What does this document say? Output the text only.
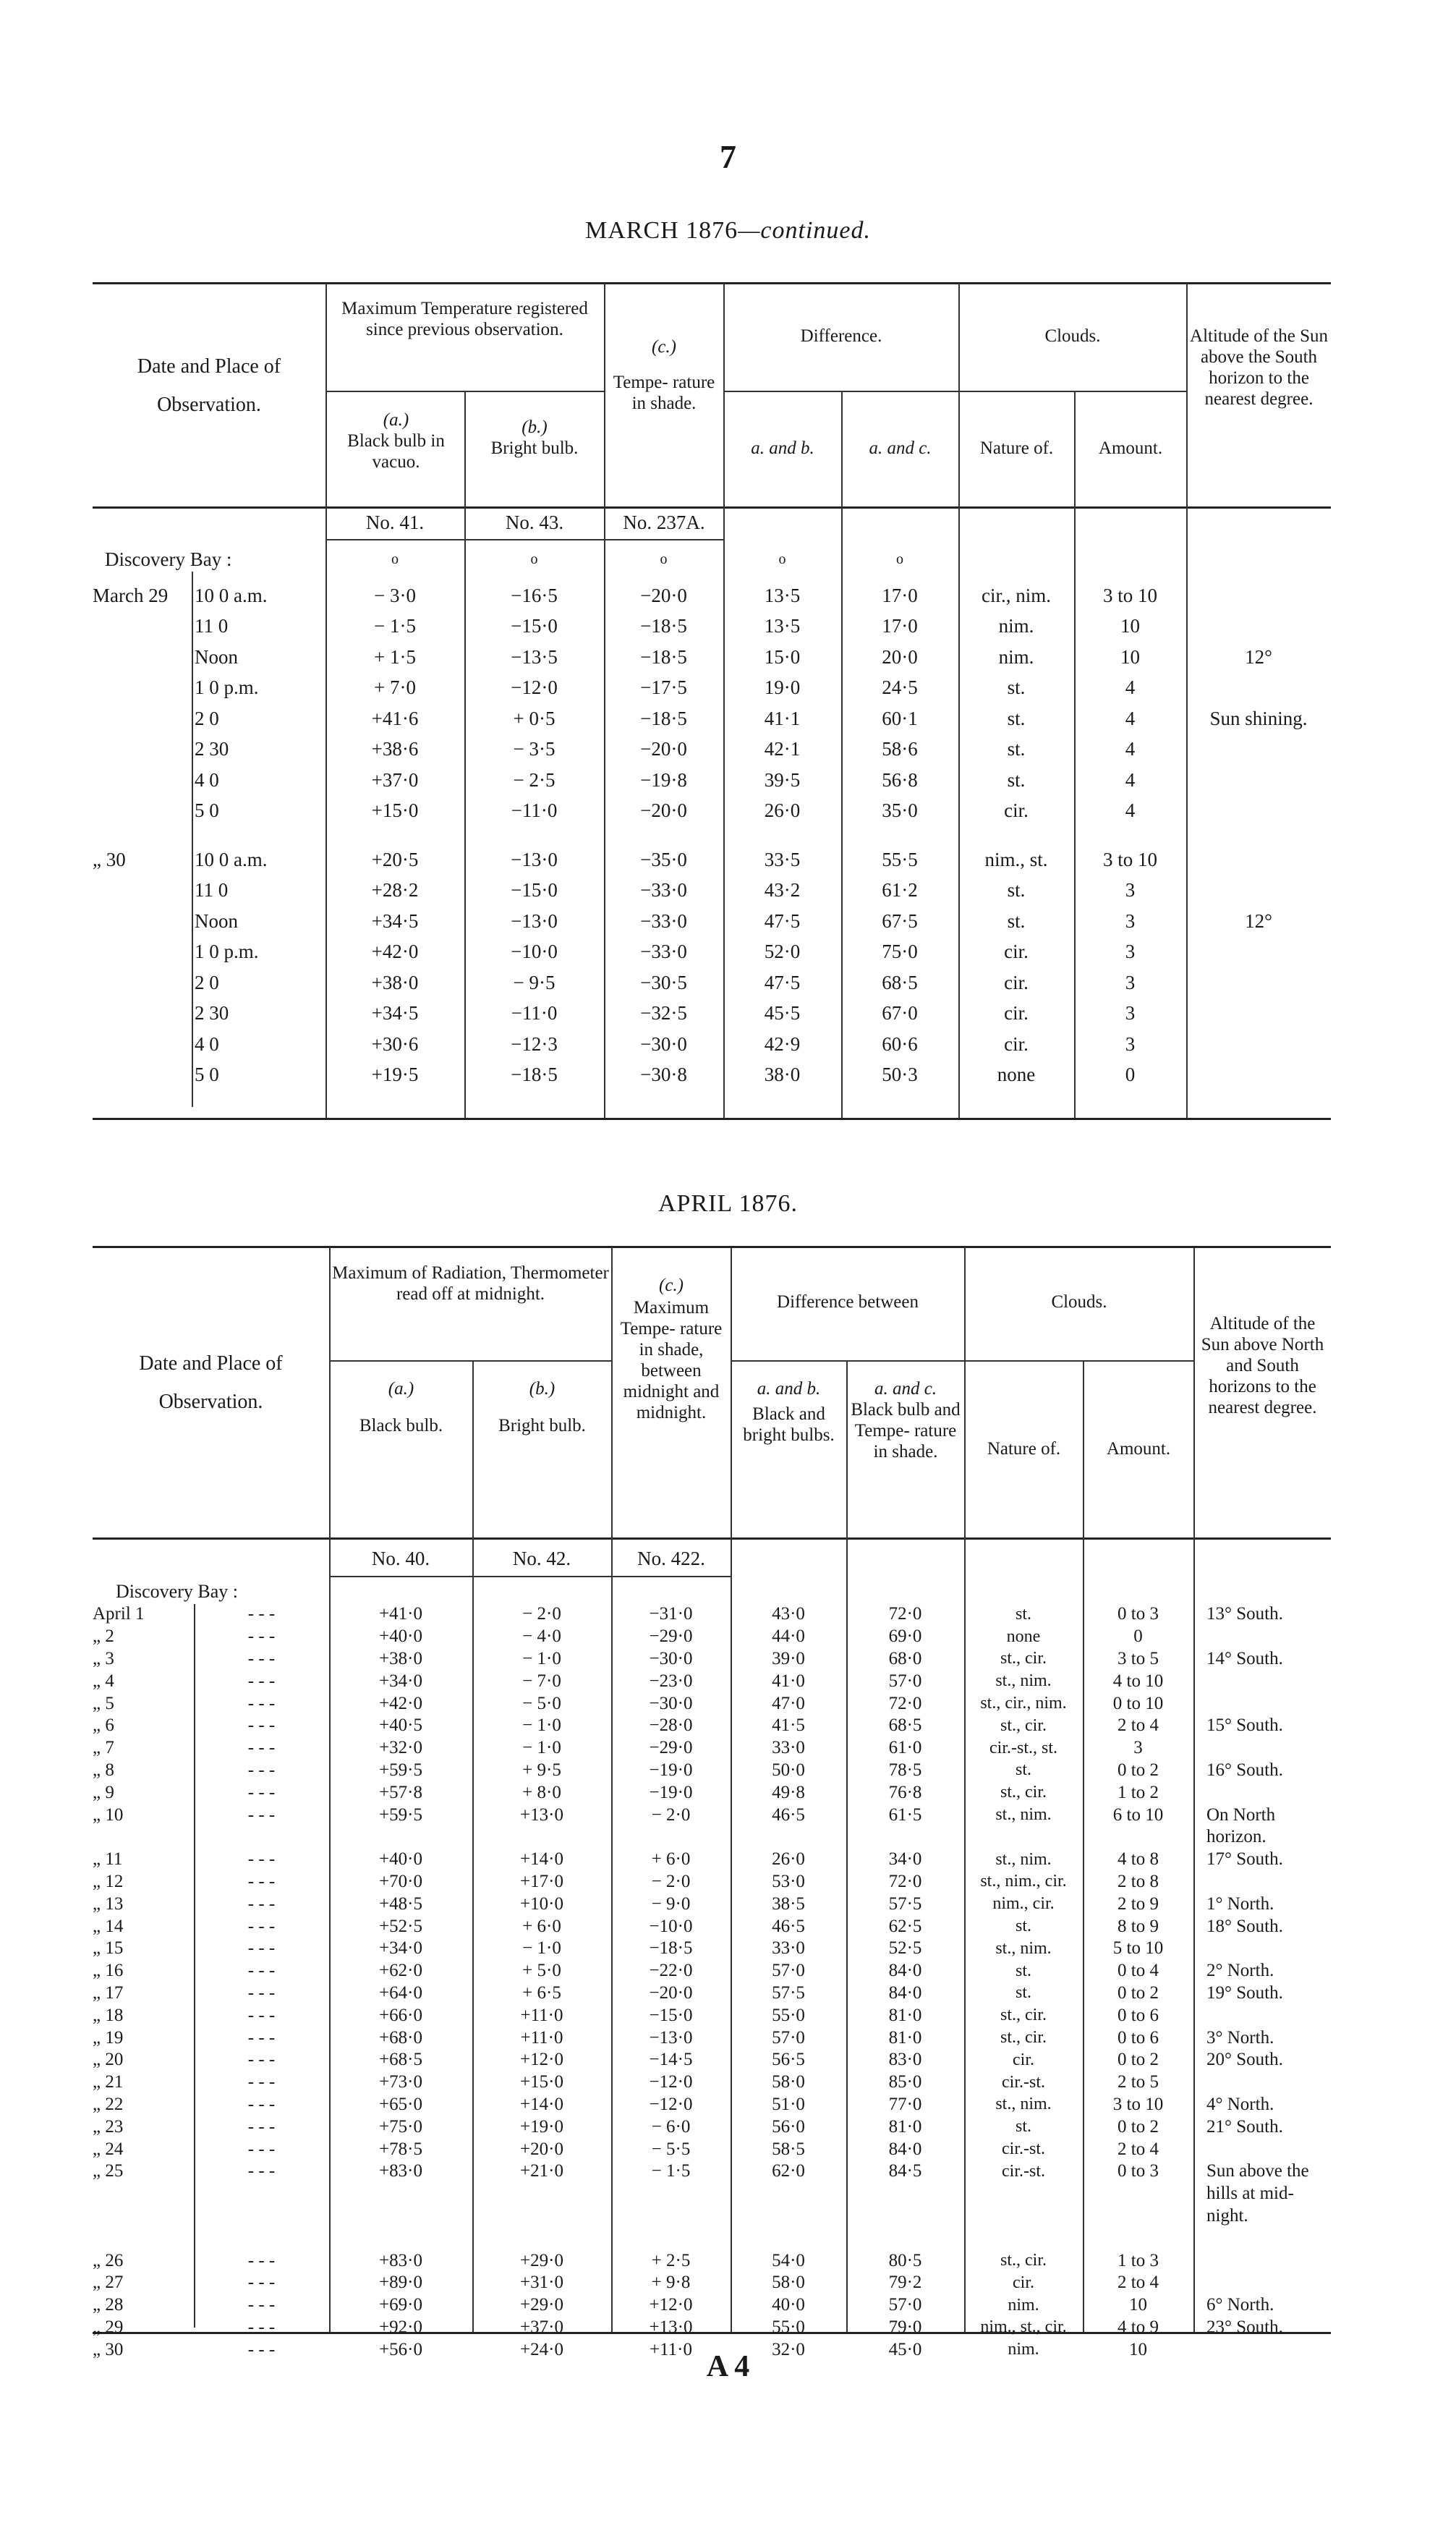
7
MARCH 1876—continued.
Date and Place of
Observation.
Maximum Temperature registered since previous observation.
(a.)
Black bulb in vacuo.
(b.)
Bright bulb.
(c.)
Tempe- rature in shade.
Difference.
a. and b.	a. and c.
Clouds.
Nature of.	Amount.
Altitude of the Sun above the South horizon to the nearest degree.
No. 41.	No. 43.	No. 237A.
Discovery Bay :	o	o	o	o	o
March 29	10 0 a.m.	− 3·0	−16·5	−20·0	13·5	17·0	cir., nim.	3 to 10	
	11 0	− 1·5	−15·0	−18·5	13·5	17·0	nim.	10	
	Noon	+ 1·5	−13·5	−18·5	15·0	20·0	nim.	10	12°
	1 0 p.m.	+ 7·0	−12·0	−17·5	19·0	24·5	st.	4	
	2 0	+41·6	+ 0·5	−18·5	41·1	60·1	st.	4	Sun shining.
	2 30	+38·6	− 3·5	−20·0	42·1	58·6	st.	4	
	4 0	+37·0	− 2·5	−19·8	39·5	56·8	st.	4	
	5 0	+15·0	−11·0	−20·0	26·0	35·0	cir.	4	
„ 30	10 0 a.m.	+20·5	−13·0	−35·0	33·5	55·5	nim., st.	3 to 10	
	11 0	+28·2	−15·0	−33·0	43·2	61·2	st.	3	
	Noon	+34·5	−13·0	−33·0	47·5	67·5	st.	3	12°
	1 0 p.m.	+42·0	−10·0	−33·0	52·0	75·0	cir.	3	
	2 0	+38·0	− 9·5	−30·5	47·5	68·5	cir.	3	
	2 30	+34·5	−11·0	−32·5	45·5	67·0	cir.	3	
	4 0	+30·6	−12·3	−30·0	42·9	60·6	cir.	3	
	5 0	+19·5	−18·5	−30·8	38·0	50·3	none	0	
APRIL 1876.
Date and Place of
Observation.
Maximum of Radiation, Thermometer read off at midnight.
(a.)
Black bulb.
(b.)
Bright bulb.
(c.)
Maximum Tempe- rature in shade, between midnight and midnight.
Difference between
a. and b.
Black and bright bulbs.
a. and c.
Black bulb and Tempe- rature in shade.
Clouds.
Nature of.	Amount.
Altitude of the Sun above North and South horizons to the nearest degree.
No. 40.	No. 42.	No. 422.
Discovery Bay :
April 1	- - -	+41·0	− 2·0	−31·0	43·0	72·0	st.	0 to 3	13° South.
„ 2	- - -	+40·0	− 4·0	−29·0	44·0	69·0	none	0	
„ 3	- - -	+38·0	− 1·0	−30·0	39·0	68·0	st., cir.	3 to 5	14° South.
„ 4	- - -	+34·0	− 7·0	−23·0	41·0	57·0	st., nim.	4 to 10	
„ 5	- - -	+42·0	− 5·0	−30·0	47·0	72·0	st., cir., nim.	0 to 10	
„ 6	- - -	+40·5	− 1·0	−28·0	41·5	68·5	st., cir.	2 to 4	15° South.
„ 7	- - -	+32·0	− 1·0	−29·0	33·0	61·0	cir.-st., st.	3	
„ 8	- - -	+59·5	+ 9·5	−19·0	50·0	78·5	st.	0 to 2	16° South.
„ 9	- - -	+57·8	+ 8·0	−19·0	49·8	76·8	st., cir.	1 to 2	
„ 10	- - -	+59·5	+13·0	− 2·0	46·5	61·5	st., nim.	6 to 10	On North
									horizon.
„ 11	- - -	+40·0	+14·0	+ 6·0	26·0	34·0	st., nim.	4 to 8	17° South.
„ 12	- - -	+70·0	+17·0	− 2·0	53·0	72·0	st., nim., cir.	2 to 8	
„ 13	- - -	+48·5	+10·0	− 9·0	38·5	57·5	nim., cir.	2 to 9	1° North.
„ 14	- - -	+52·5	+ 6·0	−10·0	46·5	62·5	st.	8 to 9	18° South.
„ 15	- - -	+34·0	− 1·0	−18·5	33·0	52·5	st., nim.	5 to 10	
„ 16	- - -	+62·0	+ 5·0	−22·0	57·0	84·0	st.	0 to 4	2° North.
„ 17	- - -	+64·0	+ 6·5	−20·0	57·5	84·0	st.	0 to 2	19° South.
„ 18	- - -	+66·0	+11·0	−15·0	55·0	81·0	st., cir.	0 to 6	
„ 19	- - -	+68·0	+11·0	−13·0	57·0	81·0	st., cir.	0 to 6	3° North.
„ 20	- - -	+68·5	+12·0	−14·5	56·5	83·0	cir.	0 to 2	20° South.
„ 21	- - -	+73·0	+15·0	−12·0	58·0	85·0	cir.-st.	2 to 5	
„ 22	- - -	+65·0	+14·0	−12·0	51·0	77·0	st., nim.	3 to 10	4° North.
„ 23	- - -	+75·0	+19·0	− 6·0	56·0	81·0	st.	0 to 2	21° South.
„ 24	- - -	+78·5	+20·0	− 5·5	58·5	84·0	cir.-st.	2 to 4	
„ 25	- - -	+83·0	+21·0	− 1·5	62·0	84·5	cir.-st.	0 to 3	Sun above the
									hills at mid-
									night.

„ 26	- - -	+83·0	+29·0	+ 2·5	54·0	80·5	st., cir.	1 to 3	
„ 27	- - -	+89·0	+31·0	+ 9·8	58·0	79·2	cir.	2 to 4	
„ 28	- - -	+69·0	+29·0	+12·0	40·0	57·0	nim.	10	6° North.
„ 29	- - -	+92·0	+37·0	+13·0	55·0	79·0	nim., st., cir.	4 to 9	23° South.
„ 30	- - -	+56·0	+24·0	+11·0	32·0	45·0	nim.	10	
A 4
